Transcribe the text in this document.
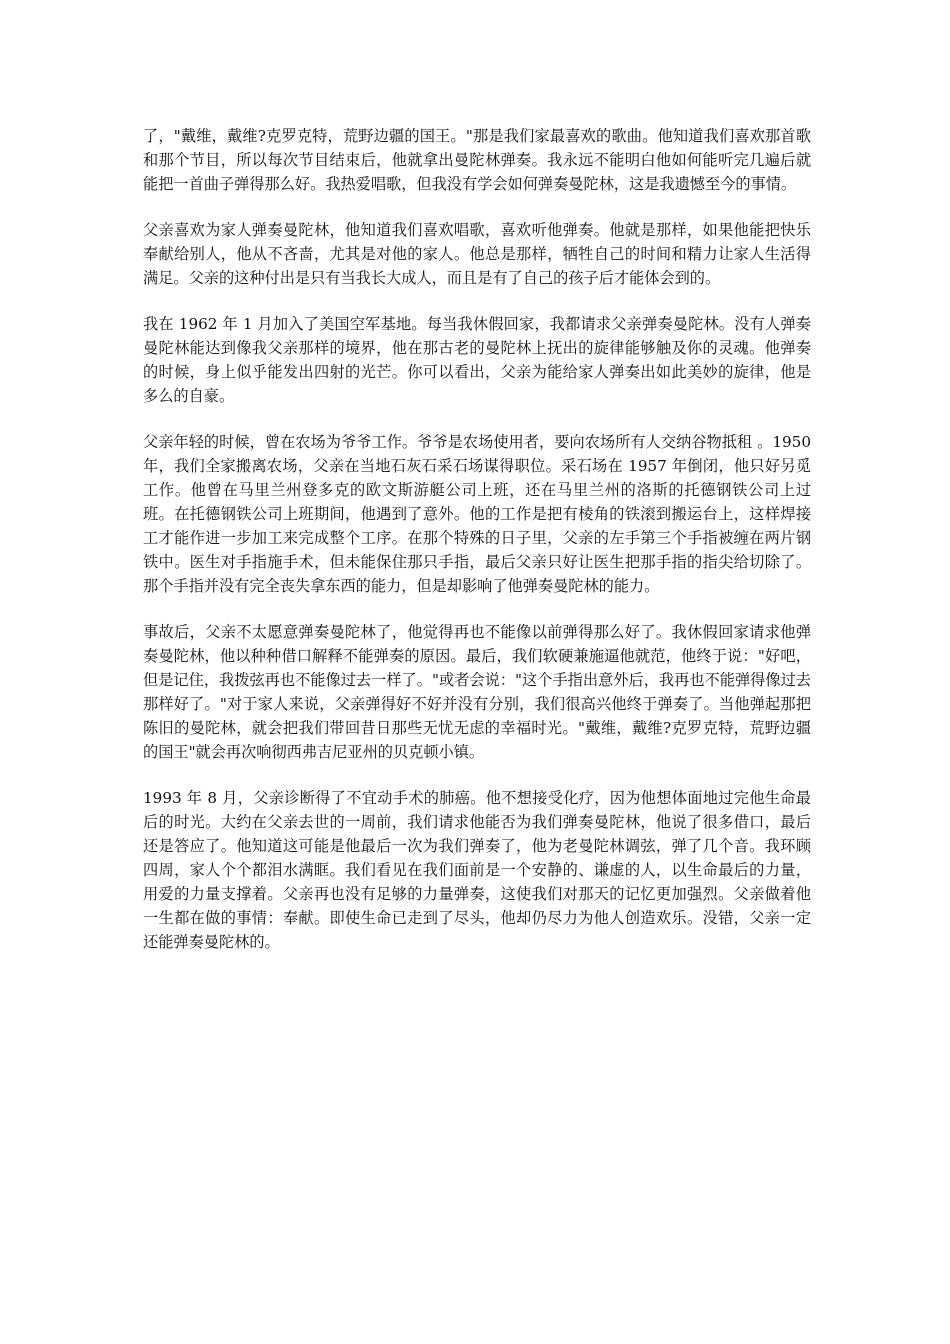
了，"戴维，戴维?克罗克特，荒野边疆的国王。"那是我们家最喜欢的歌曲。他知道我们喜欢那首歌和那个节目，所以每次节目结束后，他就拿出曼陀林弹奏。我永远不能明白他如何能听完几遍后就能把一首曲子弹得那么好。我热爱唱歌，但我没有学会如何弹奏曼陀林，这是我遗憾至今的事情。

父亲喜欢为家人弹奏曼陀林，他知道我们喜欢唱歌，喜欢听他弹奏。他就是那样，如果他能把快乐奉献给别人，他从不吝啬，尤其是对他的家人。他总是那样，牺牲自己的时间和精力让家人生活得满足。父亲的这种付出是只有当我长大成人，而且是有了自己的孩子后才能体会到的。

我在 1962 年 1 月加入了美国空军基地。每当我休假回家，我都请求父亲弹奏曼陀林。没有人弹奏曼陀林能达到像我父亲那样的境界，他在那古老的曼陀林上抚出的旋律能够触及你的灵魂。他弹奏的时候，身上似乎能发出四射的光芒。你可以看出，父亲为能给家人弹奏出如此美妙的旋律，他是多么的自豪。

父亲年轻的时候，曾在农场为爷爷工作。爷爷是农场使用者，要向农场所有人交纳谷物抵租 。1950 年，我们全家搬离农场，父亲在当地石灰石采石场谋得职位。采石场在 1957 年倒闭，他只好另觅工作。他曾在马里兰州登多克的欧文斯游艇公司上班，还在马里兰州的洛斯的托德钢铁公司上过班。在托德钢铁公司上班期间，他遇到了意外。他的工作是把有棱角的铁滚到搬运台上，这样焊接工才能作进一步加工来完成整个工序。在那个特殊的日子里，父亲的左手第三个手指被缠在两片钢铁中。医生对手指施手术，但未能保住那只手指，最后父亲只好让医生把那手指的指尖给切除了。那个手指并没有完全丧失拿东西的能力，但是却影响了他弹奏曼陀林的能力。

事故后，父亲不太愿意弹奏曼陀林了，他觉得再也不能像以前弹得那么好了。我休假回家请求他弹奏曼陀林，他以种种借口解释不能弹奏的原因。最后，我们软硬兼施逼他就范，他终于说："好吧，但是记住，我拨弦再也不能像过去一样了。"或者会说："这个手指出意外后，我再也不能弹得像过去那样好了。"对于家人来说，父亲弹得好不好并没有分别，我们很高兴他终于弹奏了。当他弹起那把陈旧的曼陀林，就会把我们带回昔日那些无忧无虑的幸福时光。"戴维，戴维?克罗克特，荒野边疆的国王"就会再次响彻西弗吉尼亚州的贝克顿小镇。

1993 年 8 月，父亲诊断得了不宜动手术的肺癌。他不想接受化疗，因为他想体面地过完他生命最后的时光。大约在父亲去世的一周前，我们请求他能否为我们弹奏曼陀林，他说了很多借口，最后还是答应了。他知道这可能是他最后一次为我们弹奏了，他为老曼陀林调弦，弹了几个音。我环顾四周，家人个个都泪水满眶。我们看见在我们面前是一个安静的、谦虚的人，以生命最后的力量，用爱的力量支撑着。父亲再也没有足够的力量弹奏，这使我们对那天的记忆更加强烈。父亲做着他一生都在做的事情：奉献。即使生命已走到了尽头，他却仍尽力为他人创造欢乐。没错，父亲一定还能弹奏曼陀林的。
